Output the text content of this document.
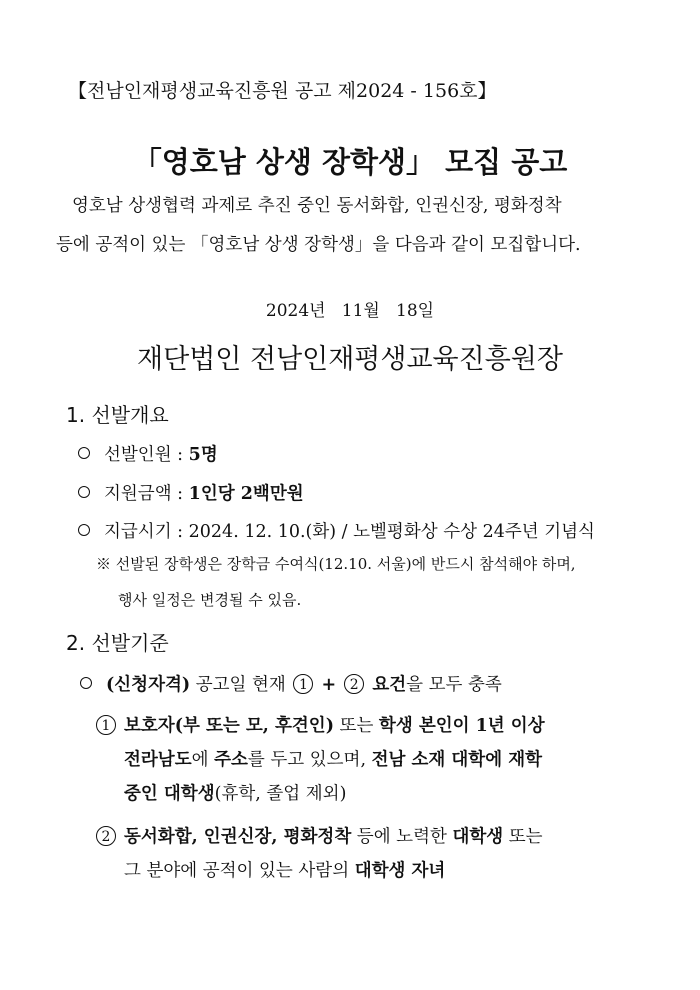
【전남인재평생교육진흥원 공고 제2024 - 156호】
「영호남 상생 장학생」 모집 공고
영호남 상생협력 과제로 추진 중인 동서화합, 인권신장, 평화정착
등에 공적이 있는 「영호남 상생 장학생」을 다음과 같이 모집합니다.
2024년   11월   18일
재단법인 전남인재평생교육진흥원장
1. 선발개요
선발인원 : 5명
지원금액 : 1인당 2백만원
지급시기 : 2024. 12. 10.(화) / 노벨평화상 수상 24주년 기념식
※ 선발된 장학생은 장학금 수여식(12.10. 서울)에 반드시 참석해야 하며,
행사 일정은 변경될 수 있음.
2. 선발기준
(신청자격) 공고일 현재 1 + 2 요건을 모두 충족
1 보호자(부 또는 모, 후견인) 또는 학생 본인이 1년 이상
전라남도에 주소를 두고 있으며, 전남 소재 대학에 재학
중인 대학생(휴학, 졸업 제외)
2 동서화합, 인권신장, 평화정착 등에 노력한 대학생 또는
그 분야에 공적이 있는 사람의 대학생 자녀
